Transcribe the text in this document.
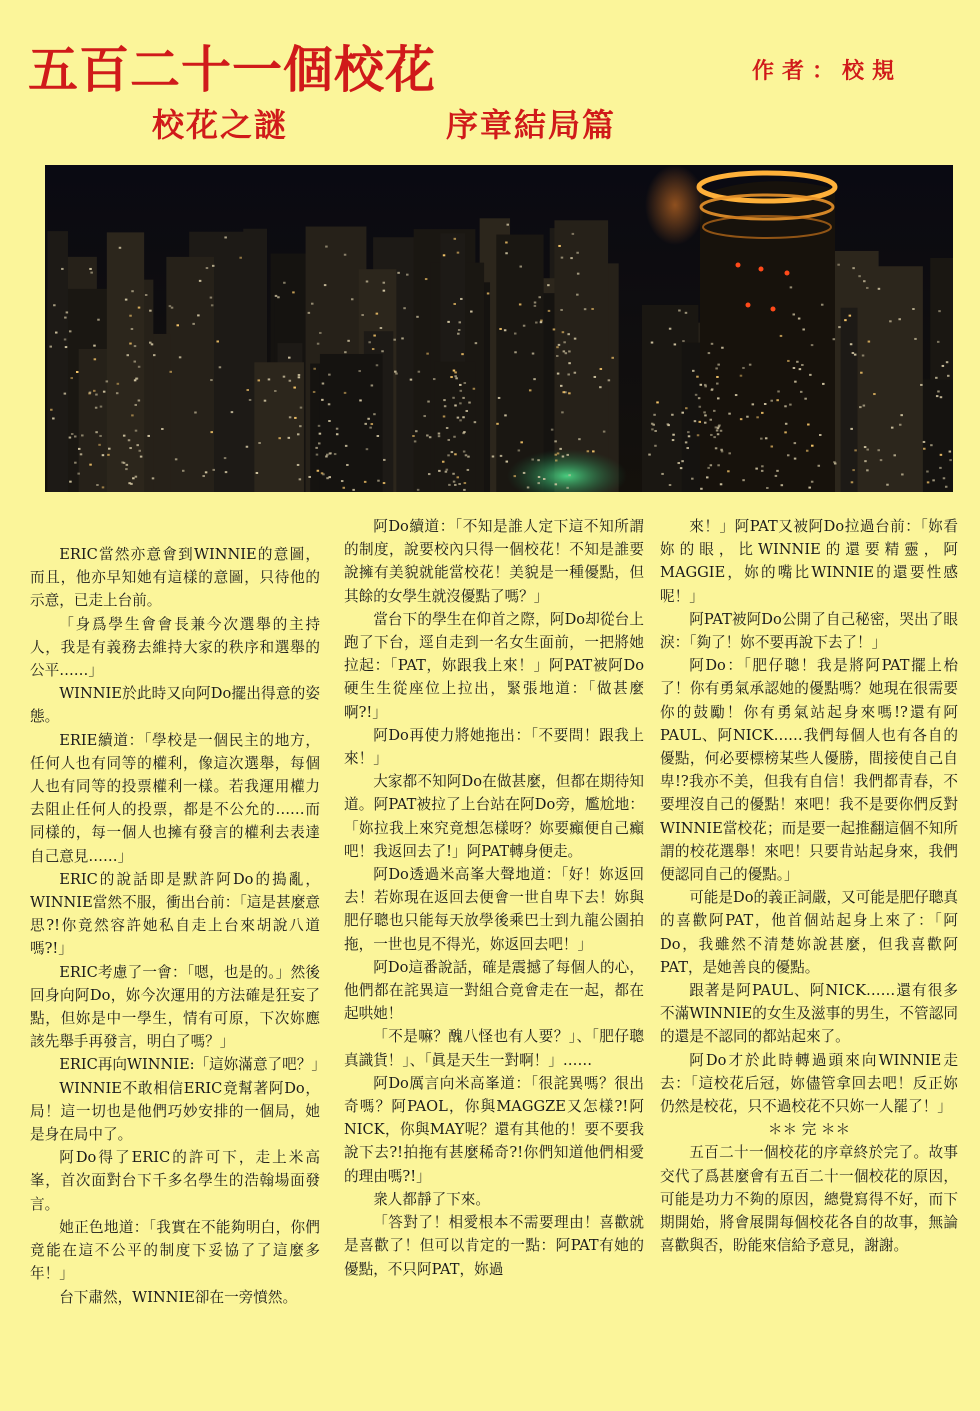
五百二十一個校花	作者：校規
校花之謎	序章結局篇

ERIC當然亦意會到WINNIE的意圖，而且，他亦早知她有這樣的意圖，只待他的示意，已走上台前。

「身爲學生會會長兼今次選舉的主持人，我是有義務去維持大家的秩序和選舉的公平……」

WINNIE於此時又向阿Do擺出得意的姿態。

ERIE續道：「學校是一個民主的地方，任何人也有同等的權利，像這次選舉，每個人也有同等的投票權利一樣。若我運用權力去阻止任何人的投票，都是不公允的……而同樣的，每一個人也擁有發言的權利去表達自己意見……」

ERIC的說話即是默許阿Do的搗亂，WINNIE當然不服，衝出台前：「這是甚麼意思?!你竟然容許她私自走上台來胡說八道嗎?!」

ERIC考慮了一會：「嗯，也是的。」然後回身向阿Do，妳今次運用的方法確是狂妄了點，但妳是中一學生，情有可原，下次妳應該先舉手再發言，明白了嗎？」

ERIC再向WINNIE:「這妳滿意了吧？」

WINNIE不敢相信ERIC竟幫著阿Do，局！這一切也是他們巧妙安排的一個局，她是身在局中了。

阿Do得了ERIC的許可下，走上米高峯，首次面對台下千多名學生的浩翰場面發言。

她正色地道：「我實在不能夠明白，你們竟能在這不公平的制度下妥協了了這麼多年！」

台下肅然，WINNIE卻在一旁憤然。

阿Do續道：「不知是誰人定下這不知所謂的制度，說要校內只得一個校花！不知是誰要說擁有美貌就能當校花！美貌是一種優點，但其餘的女學生就沒優點了嗎？」

當台下的學生在仰首之際，阿Do却從台上跑了下台，逕自走到一名女生面前，一把將她拉起：「PAT，妳跟我上來！」阿PAT被阿Do硬生生從座位上拉出，緊張地道：「做甚麼啊?!」

阿Do再使力將她拖出：「不要問！跟我上來！」

大家都不知阿Do在做甚麼，但都在期待知道。阿PAT被拉了上台站在阿Do旁，尷尬地：「妳拉我上來究竟想怎樣呀？妳要癲便自己癲吧！我返回去了!」阿PAT轉身便走。

阿Do透過米高峯大聲地道：「好！妳返回去！若妳現在返回去便會一世自卑下去！妳與肥仔聰也只能每天放學後乘巴士到九龍公園拍拖，一世也見不得光，妳返回去吧！」

阿Do這番說話，確是震撼了每個人的心，他們都在詫異這一對組合竟會走在一起，都在起哄她！

「不是嘛？醜八怪也有人要？」、「肥仔聰真識貨！」、「眞是天生一對啊！」……

阿Do厲言向米高峯道：「很詫異嗎？很出奇嗎？阿PAOL，你與MAGGZE又怎樣?!阿NICK，你與MAY呢？還有其他的！要不要我說下去?!拍拖有甚麼稀奇?!你們知道他們相愛的理由嗎?!」

衆人都靜了下來。

「答對了！相愛根本不需要理由！喜歡就是喜歡了！但可以肯定的一點：阿PAT有她的優點，不只阿PAT，妳過

來！」阿PAT又被阿Do拉過台前：「妳看妳的眼，比WINNIE的還要精靈，阿MAGGIE，妳的嘴比WINNIE的還要性感呢！」

阿PAT被阿Do公開了自己秘密，哭出了眼淚：「夠了！妳不要再說下去了！」

阿Do：「肥仔聰！我是將阿PAT擺上枱了！你有勇氣承認她的優點嗎？她現在很需要你的鼓勵！你有勇氣站起身來嗎!?還有阿PAUL、阿NICK……我們每個人也有各自的優點，何必要標榜某些人優勝，間接使自己自卑!?我亦不美，但我有自信！我們都青春，不要埋沒自己的優點！來吧！我不是要你們反對WINNIE當校花；而是要一起推翻這個不知所謂的校花選舉！來吧！只要肯站起身來，我們便認同自己的優點。」

可能是Do的義正詞嚴，又可能是肥仔聰真的喜歡阿PAT，他首個站起身上來了：「阿Do，我雖然不清楚妳說甚麼，但我喜歡阿PAT，是她善良的優點。

跟著是阿PAUL、阿NICK……還有很多不滿WINNIE的女生及滋事的男生，不管認同的還是不認同的都站起來了。

阿Do才於此時轉過頭來向WINNIE走去：「這校花后冠，妳儘管拿回去吧！反正妳仍然是校花，只不過校花不只妳一人罷了！」

＊＊ 完 ＊＊

五百二十一個校花的序章終於完了。故事交代了爲甚麼會有五百二十一個校花的原因，可能是功力不夠的原因，總覺寫得不好，而下期開始，將會展開每個校花各自的故事，無論喜歡與否，盼能來信給予意見，謝謝。
